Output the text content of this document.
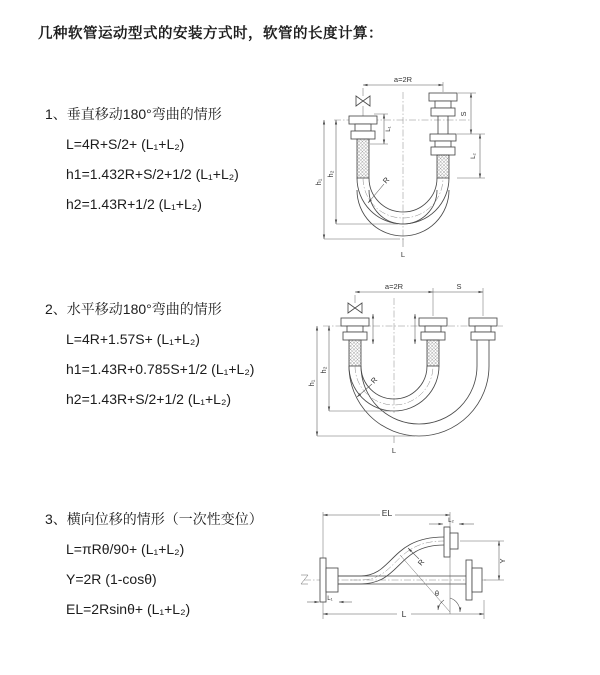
几种软管运动型式的安装方式时，软管的长度计算：
1、垂直移动180°弯曲的情形
L=4R+S/2+ (L₁+L₂)
h1=1.432R+S/2+1/2 (L₁+L₂)
h2=1.43R+1/2 (L₁+L₂)
2、水平移动180°弯曲的情形
L=4R+1.57S+ (L₁+L₂)
h1=1.43R+0.785S+1/2 (L₁+L₂)
h2=1.43R+S/2+1/2 (L₁+L₂)
3、横向位移的情形（一次性变位）
L=πRθ/90+ (L₁+L₂)
Y=2R (1-cosθ)
EL=2Rsinθ+ (L₁+L₂)
a=2R
h₁
h₂
L₁
S
L₂
R
L
a=2R	S
h₁
h₂
R
L
θ
R
EL
L₂
Y
L₁
L
